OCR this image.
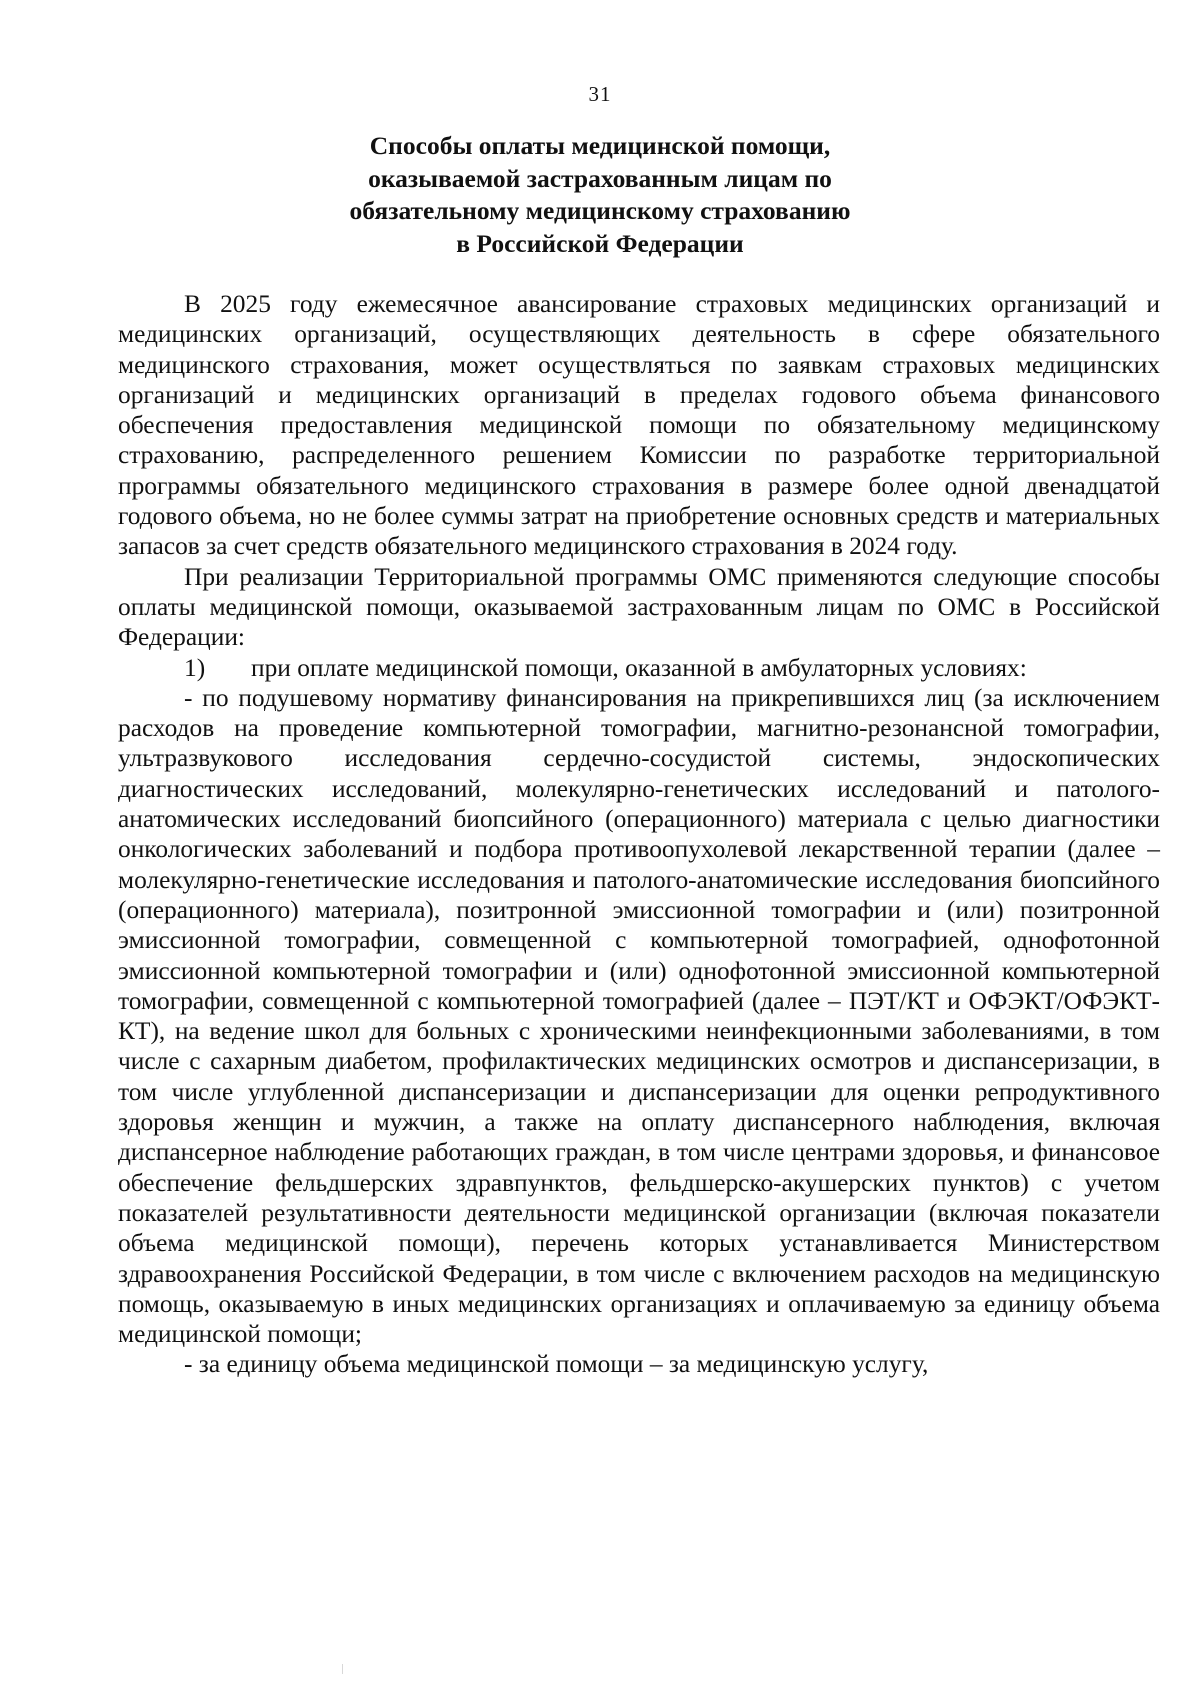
31
Способы оплаты медицинской помощи,
оказываемой застрахованным лицам по
обязательному медицинскому страхованию
в Российской Федерации

В 2025 году ежемесячное авансирование страховых медицинских организаций и медицинских организаций, осуществляющих деятельность в сфере обязательного медицинского страхования, может осуществляться по заявкам страховых медицинских организаций и медицинских организаций в пределах годового объема финансового обеспечения предоставления медицинской помощи по обязательному медицинскому страхованию, распределенного решением Комиссии по разработке территориальной программы обязательного медицинского страхования в размере более одной двенадцатой годового объема, но не более суммы затрат на приобретение основных средств и материальных запасов за счет средств обязательного медицинского страхования в 2024 году.

При реализации Территориальной программы ОМС применяются следующие способы оплаты медицинской помощи, оказываемой застрахованным лицам по ОМС в Российской Федерации:

1) при оплате медицинской помощи, оказанной в амбулаторных условиях:

- по подушевому нормативу финансирования на прикрепившихся лиц (за исключением расходов на проведение компьютерной томографии, магнитно-резонансной томографии, ультразвукового исследования сердечно-сосудистой системы, эндоскопических диагностических исследований, молекулярно-генетических исследований и патолого-анатомических исследований биопсийного (операционного) материала с целью диагностики онкологических заболеваний и подбора противоопухолевой лекарственной терапии (далее – молекулярно-генетические исследования и патолого-анатомические исследования биопсийного (операционного) материала), позитронной эмиссионной томографии и (или) позитронной эмиссионной томографии, совмещенной с компьютерной томографией, однофотонной эмиссионной компьютерной томографии и (или) однофотонной эмиссионной компьютерной томографии, совмещенной с компьютерной томографией (далее – ПЭТ/КТ и ОФЭКТ/ОФЭКТ-КТ), на ведение школ для больных с хроническими неинфекционными заболеваниями, в том числе с сахарным диабетом, профилактических медицинских осмотров и диспансеризации, в том числе углубленной диспансеризации и диспансеризации для оценки репродуктивного здоровья женщин и мужчин, а также на оплату диспансерного наблюдения, включая диспансерное наблюдение работающих граждан, в том числе центрами здоровья, и финансовое обеспечение фельдшерских здравпунктов, фельдшерско-акушерских пунктов) с учетом показателей результативности деятельности медицинской организации (включая показатели объема медицинской помощи), перечень которых устанавливается Министерством здравоохранения Российской Федерации, в том числе с включением расходов на медицинскую помощь, оказываемую в иных медицинских организациях и оплачиваемую за единицу объема медицинской помощи;

- за единицу объема медицинской помощи – за медицинскую услугу,
